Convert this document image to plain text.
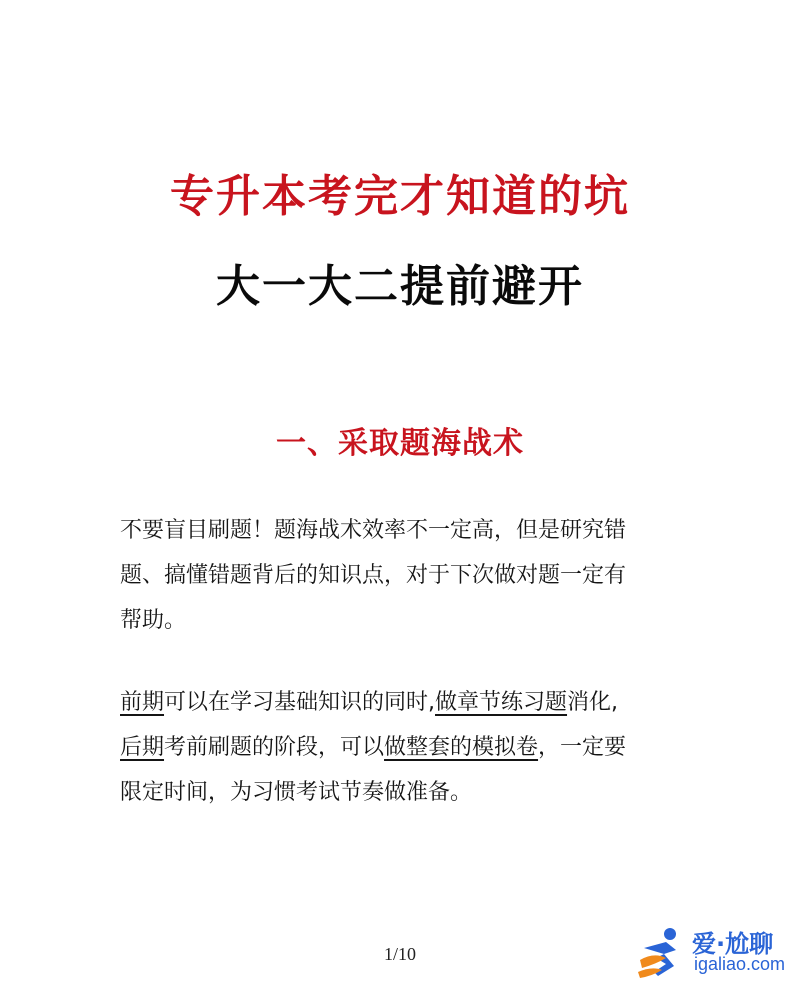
专升本考完才知道的坑
大一大二提前避开
一、采取题海战术
不要盲目刷题！题海战术效率不一定高，但是研究错
题、搞懂错题背后的知识点，对于下次做对题一定有
帮助。
前期可以在学习基础知识的同时,做章节练习题消化,
后期考前刷题的阶段，可以做整套的模拟卷，一定要
限定时间，为习惯考试节奏做准备。
1/10	爱·尬聊
igaliao.com
